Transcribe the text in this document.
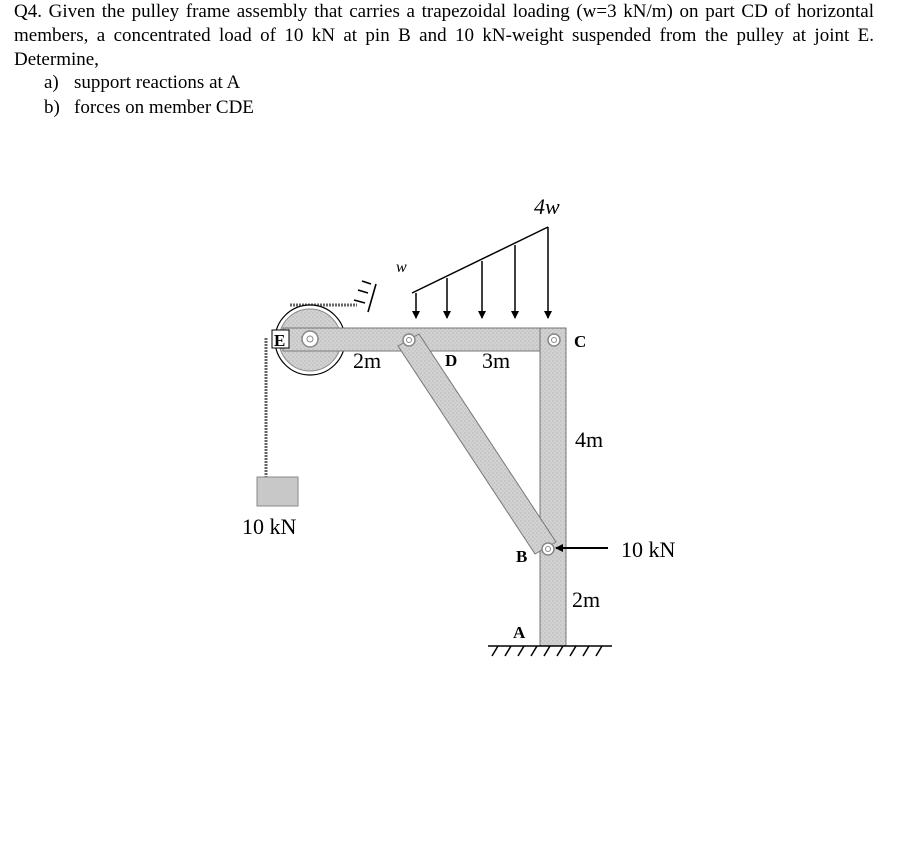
Q4. Given the pulley frame assembly that carries a trapezoidal loading (w=3 kN/m) on part CD of horizontal members, a concentrated load of 10 kN at pin B and 10 kN-weight suspended from the pulley at joint E. Determine,

a) support reactions at A
b) forces on member CDE
4w
w
E	C
D
B
A
2m	3m
4m
2m
10 kN
10 kN
